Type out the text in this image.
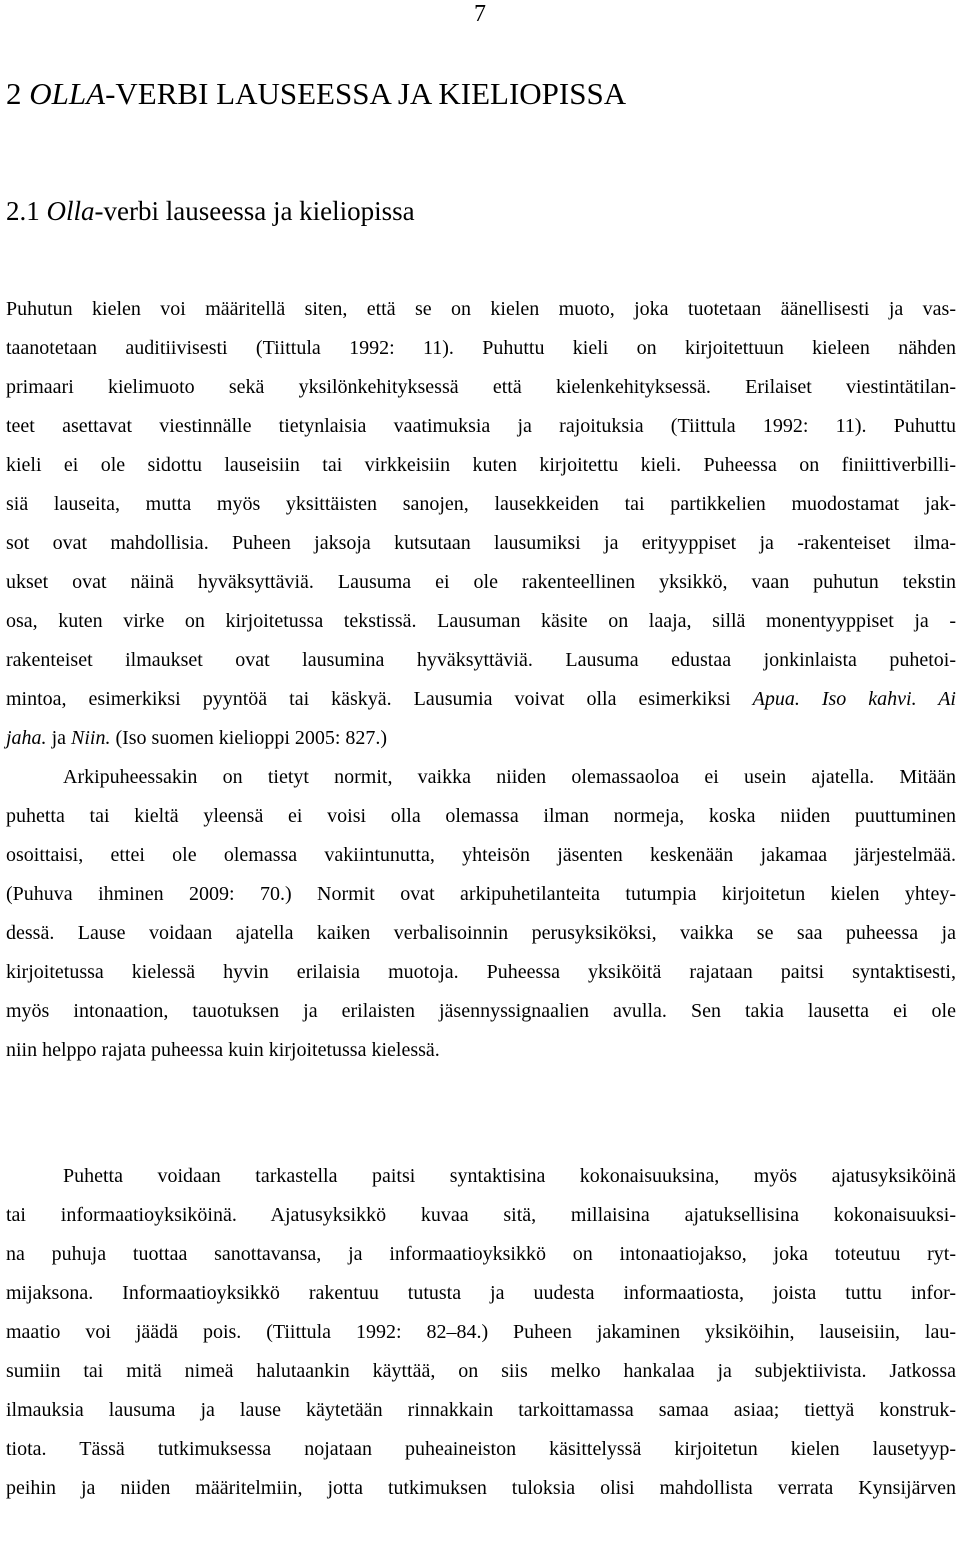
7
2 OLLA-VERBI LAUSEESSA JA KIELIOPISSA
2.1 Olla-verbi lauseessa ja kieliopissa
Puhutun kielen voi määritellä siten, että se on kielen muoto, joka tuotetaan äänellisesti ja vas-
taanotetaan auditiivisesti (Tiittula 1992: 11). Puhuttu kieli on kirjoitettuun kieleen nähden
primaari kielimuoto sekä yksilönkehityksessä että kielenkehityksessä. Erilaiset viestintätilan-
teet asettavat viestinnälle tietynlaisia vaatimuksia ja rajoituksia (Tiittula 1992: 11). Puhuttu
kieli ei ole sidottu lauseisiin tai virkkeisiin kuten kirjoitettu kieli. Puheessa on finiittiverbilli-
siä lauseita, mutta myös yksittäisten sanojen, lausekkeiden tai partikkelien muodostamat jak-
sot ovat mahdollisia. Puheen jaksoja kutsutaan lausumiksi ja erityyppiset ja -rakenteiset ilma-
ukset ovat näinä hyväksyttäviä. Lausuma ei ole rakenteellinen yksikkö, vaan puhutun tekstin
osa, kuten virke on kirjoitetussa tekstissä. Lausuman käsite on laaja, sillä monentyyppiset ja -
rakenteiset ilmaukset ovat lausumina hyväksyttäviä. Lausuma edustaa jonkinlaista puhetoi-
mintoa, esimerkiksi pyyntöä tai käskyä. Lausumia voivat olla esimerkiksi Apua. Iso kahvi. Ai
jaha. ja Niin. (Iso suomen kielioppi 2005: 827.)
Arkipuheessakin on tietyt normit, vaikka niiden olemassaoloa ei usein ajatella. Mitään
puhetta tai kieltä yleensä ei voisi olla olemassa ilman normeja, koska niiden puuttuminen
osoittaisi, ettei ole olemassa vakiintunutta, yhteisön jäsenten keskenään jakamaa järjestelmää.
(Puhuva ihminen 2009: 70.) Normit ovat arkipuhetilanteita tutumpia kirjoitetun kielen yhtey-
dessä. Lause voidaan ajatella kaiken verbalisoinnin perusyksiköksi, vaikka se saa puheessa ja
kirjoitetussa kielessä hyvin erilaisia muotoja. Puheessa yksiköitä rajataan paitsi syntaktisesti,
myös intonaation, tauotuksen ja erilaisten jäsennyssignaalien avulla. Sen takia lausetta ei ole
niin helppo rajata puheessa kuin kirjoitetussa kielessä.
Puhetta voidaan tarkastella paitsi syntaktisina kokonaisuuksina, myös ajatusyksiköinä
tai informaatioyksiköinä. Ajatusyksikkö kuvaa sitä, millaisina ajatuksellisina kokonaisuuksi-
na puhuja tuottaa sanottavansa, ja informaatioyksikkö on intonaatiojakso, joka toteutuu ryt-
mijaksona. Informaatioyksikkö rakentuu tutusta ja uudesta informaatiosta, joista tuttu infor-
maatio voi jäädä pois. (Tiittula 1992: 82–84.) Puheen jakaminen yksiköihin, lauseisiin, lau-
sumiin tai mitä nimeä halutaankin käyttää, on siis melko hankalaa ja subjektiivista. Jatkossa
ilmauksia lausuma ja lause käytetään rinnakkain tarkoittamassa samaa asiaa; tiettyä konstruk-
tiota. Tässä tutkimuksessa nojataan puheaineiston käsittelyssä kirjoitetun kielen lausetyyp-
peihin ja niiden määritelmiin, jotta tutkimuksen tuloksia olisi mahdollista verrata Kynsijärven
